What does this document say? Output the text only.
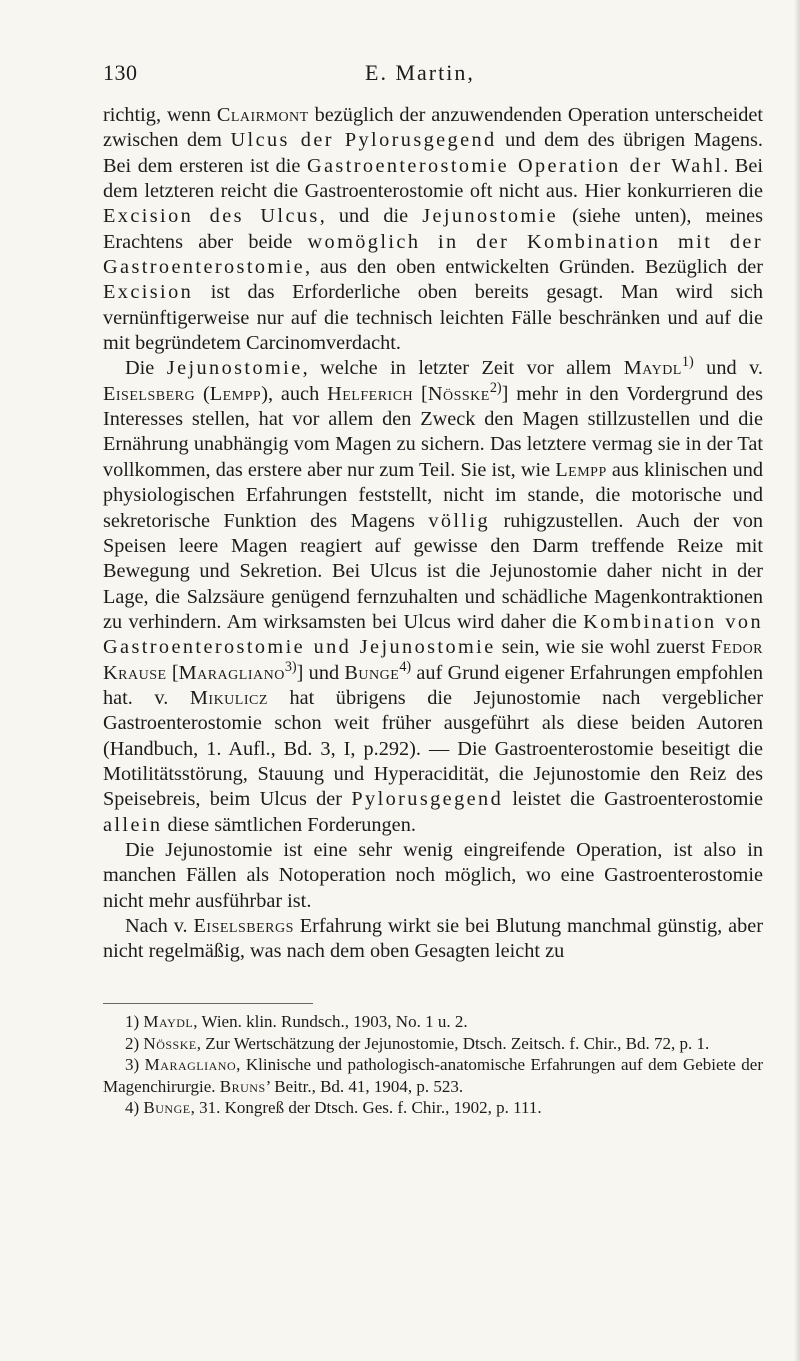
130	E. Martin,

richtig, wenn Clairmont bezüglich der anzuwendenden Operation unterscheidet zwischen dem Ulcus der Pylorusgegend und dem des übrigen Magens. Bei dem ersteren ist die Gastroenterostomie Operation der Wahl. Bei dem letzteren reicht die Gastroenterostomie oft nicht aus. Hier konkurrieren die Excision des Ulcus, und die Jejunostomie (siehe unten), meines Erachtens aber beide womöglich in der Kombination mit der Gastroenterostomie, aus den oben entwickelten Gründen. Bezüglich der Excision ist das Erforderliche oben bereits gesagt. Man wird sich vernünftigerweise nur auf die technisch leichten Fälle beschränken und auf die mit begründetem Carcinomverdacht.

Die Jejunostomie, welche in letzter Zeit vor allem Maydl$^{1)}$ und v. Eiselsberg (Lempp), auch Helferich [Nösske$^{2)}$] mehr in den Vordergrund des Interesses stellen, hat vor allem den Zweck den Magen stillzustellen und die Ernährung unabhängig vom Magen zu sichern. Das letztere vermag sie in der Tat vollkommen, das erstere aber nur zum Teil. Sie ist, wie Lempp aus klinischen und physiologischen Erfahrungen feststellt, nicht im stande, die motorische und sekretorische Funktion des Magens völlig ruhigzustellen. Auch der von Speisen leere Magen reagiert auf gewisse den Darm treffende Reize mit Bewegung und Sekretion. Bei Ulcus ist die Jejunostomie daher nicht in der Lage, die Salzsäure genügend fernzuhalten und schädliche Magenkontraktionen zu verhindern. Am wirksamsten bei Ulcus wird daher die Kombination von Gastroenterostomie und Jejunostomie sein, wie sie wohl zuerst Fedor Krause [Maragliano$^{3)}$] und Bunge$^{4)}$ auf Grund eigener Erfahrungen empfohlen hat. v. Mikulicz hat übrigens die Jejunostomie nach vergeblicher Gastroenterostomie schon weit früher ausgeführt als diese beiden Autoren (Handbuch, 1. Aufl., Bd. 3, I, p.292). — Die Gastroenterostomie beseitigt die Motilitätsstörung, Stauung und Hyperacidität, die Jejunostomie den Reiz des Speisebreis, beim Ulcus der Pylorusgegend leistet die Gastroenterostomie allein diese sämtlichen Forderungen.

Die Jejunostomie ist eine sehr wenig eingreifende Operation, ist also in manchen Fällen als Notoperation noch möglich, wo eine Gastroenterostomie nicht mehr ausführbar ist.

Nach v. Eiselsbergs Erfahrung wirkt sie bei Blutung manchmal günstig, aber nicht regelmäßig, was nach dem oben Gesagten leicht zu

1) Maydl, Wien. klin. Rundsch., 1903, No. 1 u. 2.

2) Nösske, Zur Wertschätzung der Jejunostomie, Dtsch. Zeitsch. f. Chir., Bd. 72, p. 1.

3) Maragliano, Klinische und pathologisch-anatomische Erfahrungen auf dem Gebiete der Magenchirurgie. Bruns’ Beitr., Bd. 41, 1904, p. 523.

4) Bunge, 31. Kongreß der Dtsch. Ges. f. Chir., 1902, p. 111.
